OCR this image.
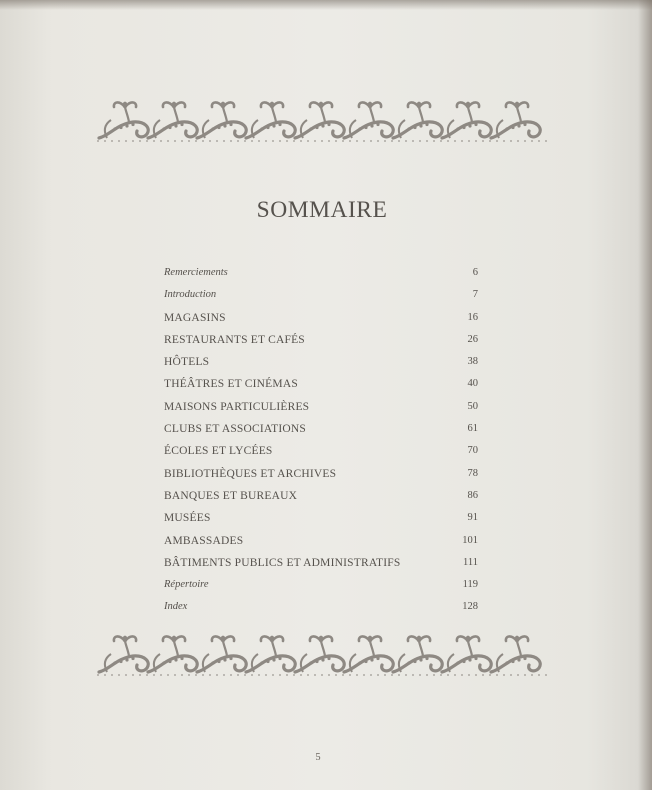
SOMMAIRE
Remerciements	6
Introduction	7
MAGASINS	16
RESTAURANTS ET CAFÉS	26
HÔTELS	38
THÉÂTRES ET CINÉMAS	40
MAISONS PARTICULIÈRES	50
CLUBS ET ASSOCIATIONS	61
ÉCOLES ET LYCÉES	70
BIBLIOTHÈQUES ET ARCHIVES	78
BANQUES ET BUREAUX	86
MUSÉES	91
AMBASSADES	101
BÂTIMENTS PUBLICS ET ADMINISTRATIFS	111
Répertoire	119
Index	128
5
